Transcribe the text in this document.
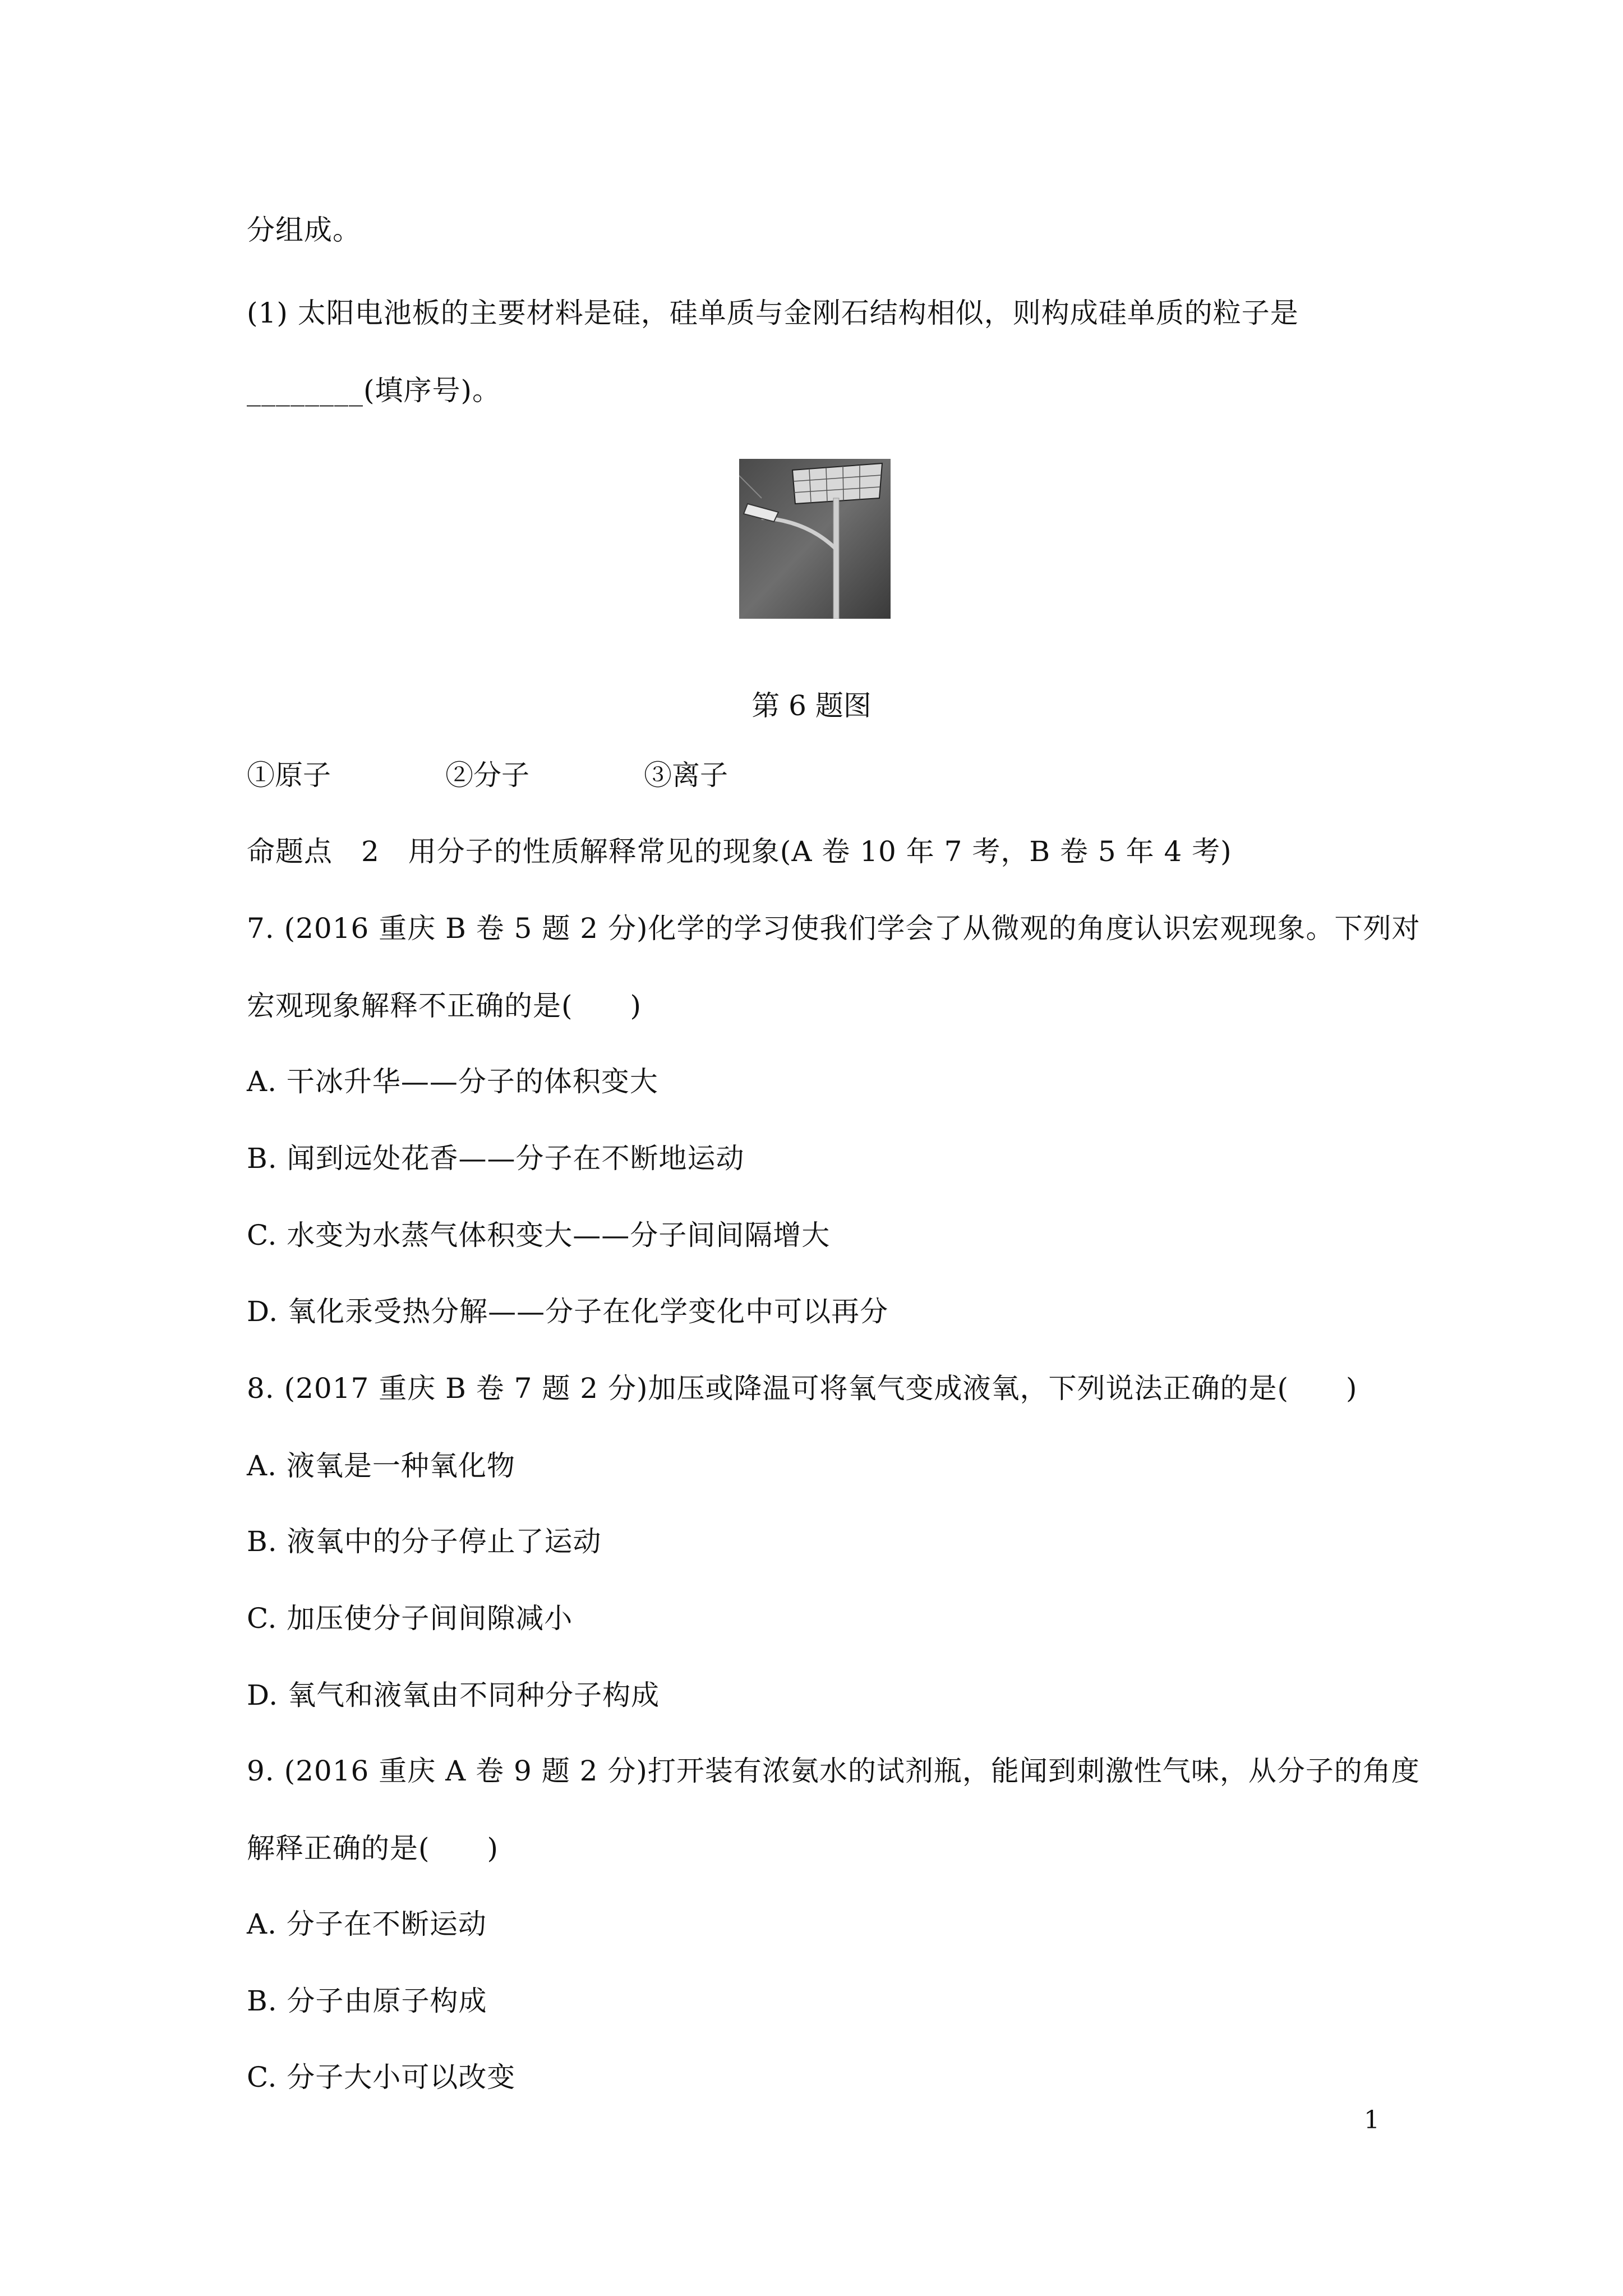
分组成。
(1) 太阳电池板的主要材料是硅，硅单质与金刚石结构相似，则构成硅单质的粒子是
________(填序号)。
第 6 题图
①原子	②分子	③离子
命题点　2　用分子的性质解释常见的现象(A 卷 10 年 7 考，B 卷 5 年 4 考)
7. (2016 重庆 B 卷 5 题 2 分)化学的学习使我们学会了从微观的角度认识宏观现象。下列对
宏观现象解释不正确的是(　　)
A. 干冰升华——分子的体积变大
B. 闻到远处花香——分子在不断地运动
C. 水变为水蒸气体积变大——分子间间隔增大
D. 氧化汞受热分解——分子在化学变化中可以再分
8. (2017 重庆 B 卷 7 题 2 分)加压或降温可将氧气变成液氧，下列说法正确的是(　　)
A. 液氧是一种氧化物
B. 液氧中的分子停止了运动
C. 加压使分子间间隙减小
D. 氧气和液氧由不同种分子构成
9. (2016 重庆 A 卷 9 题 2 分)打开装有浓氨水的试剂瓶，能闻到刺激性气味，从分子的角度
解释正确的是(　　)
A. 分子在不断运动
B. 分子由原子构成
C. 分子大小可以改变
1
